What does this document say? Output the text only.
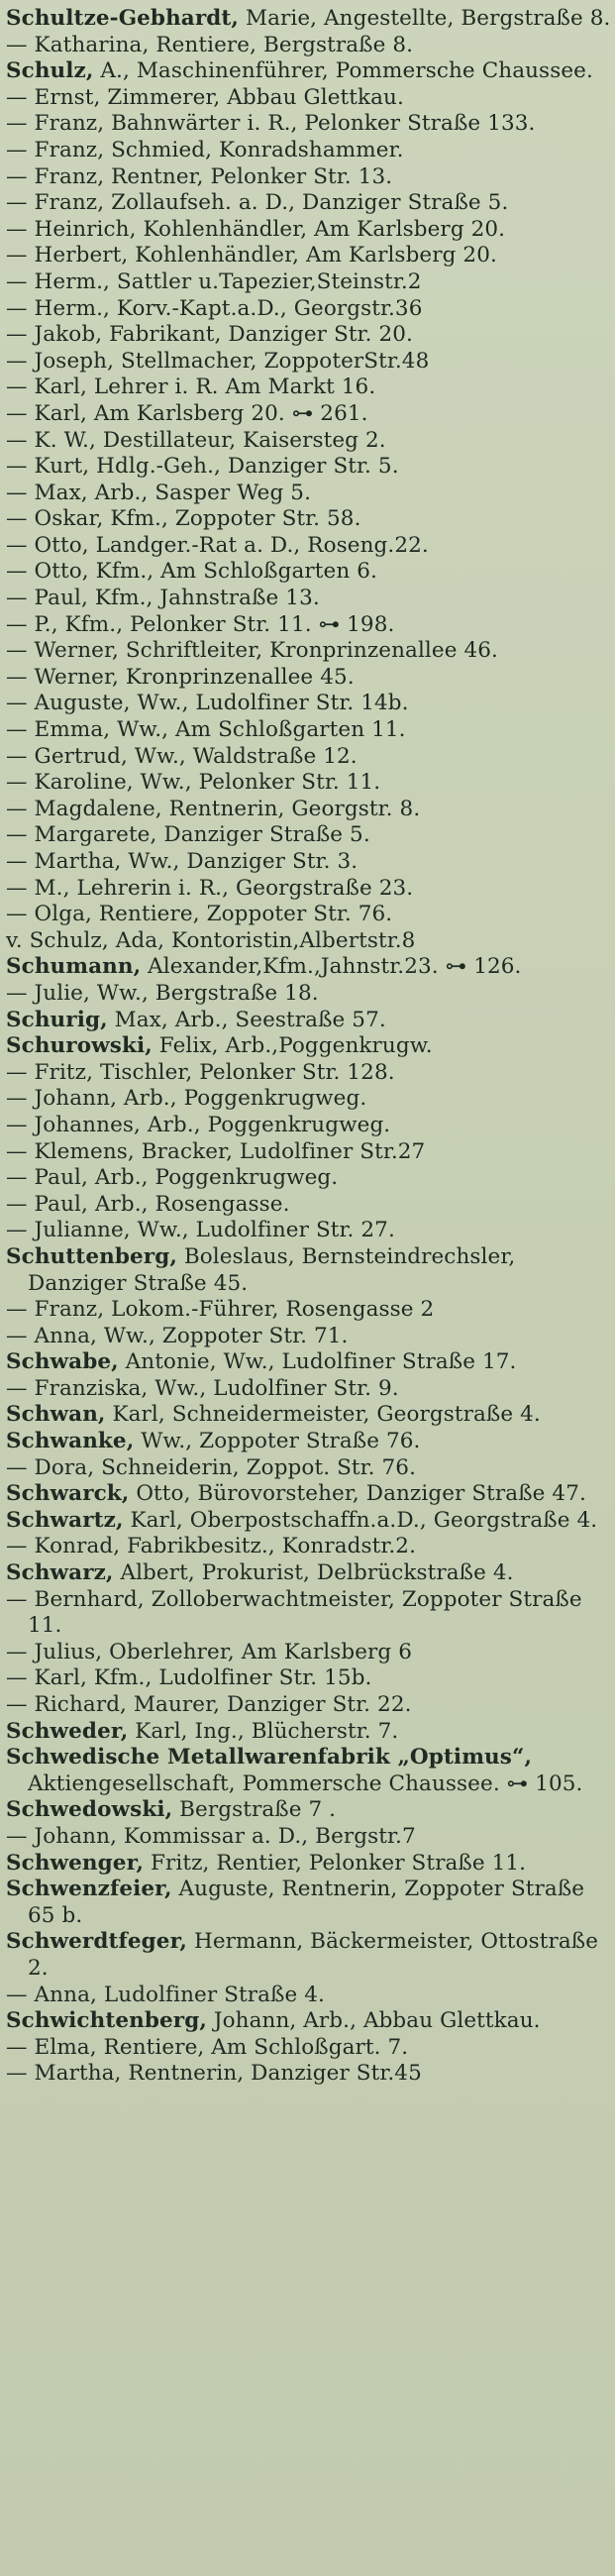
Schultze-Gebhardt, Marie, Angestellte, Bergstraße 8.
— Katharina, Rentiere, Bergstraße 8.
Schulz, A., Maschinenführer, Pommersche Chaussee.
— Ernst, Zimmerer, Abbau Glettkau.
— Franz, Bahnwärter i. R., Pelonker Straße 133.
— Franz, Schmied, Konradshammer.
— Franz, Rentner, Pelonker Str. 13.
— Franz, Zollaufseh. a. D., Danziger Straße 5.
— Heinrich, Kohlenhändler, Am Karlsberg 20.
— Herbert, Kohlenhändler, Am Karlsberg 20.
— Herm., Sattler u.Tapezier,Steinstr.2
— Herm., Korv.-Kapt.a.D., Georgstr.36
— Jakob, Fabrikant, Danziger Str. 20.
— Joseph, Stellmacher, ZoppoterStr.48
— Karl, Lehrer i. R. Am Markt 16.
— Karl, Am Karlsberg 20. ⊶ 261.
— K. W., Destillateur, Kaisersteg 2.
— Kurt, Hdlg.-Geh., Danziger Str. 5.
— Max, Arb., Sasper Weg 5.
— Oskar, Kfm., Zoppoter Str. 58.
— Otto, Landger.-Rat a. D., Roseng.22.
— Otto, Kfm., Am Schloßgarten 6.
— Paul, Kfm., Jahnstraße 13.
— P., Kfm., Pelonker Str. 11. ⊶ 198.
— Werner, Schriftleiter, Kronprinzenallee 46.
— Werner, Kronprinzenallee 45.
— Auguste, Ww., Ludolfiner Str. 14b.
— Emma, Ww., Am Schloßgarten 11.
— Gertrud, Ww., Waldstraße 12.
— Karoline, Ww., Pelonker Str. 11.
— Magdalene, Rentnerin, Georgstr. 8.
— Margarete, Danziger Straße 5.
— Martha, Ww., Danziger Str. 3.
— M., Lehrerin i. R., Georgstraße 23.
— Olga, Rentiere, Zoppoter Str. 76.
v. Schulz, Ada, Kontoristin,Albertstr.8
Schumann, Alexander,Kfm.,Jahnstr.23. ⊶ 126.
— Julie, Ww., Bergstraße 18.
Schurig, Max, Arb., Seestraße 57.
Schurowski, Felix, Arb.,Poggenkrugw.
— Fritz, Tischler, Pelonker Str. 128.
— Johann, Arb., Poggenkrugweg.
— Johannes, Arb., Poggenkrugweg.
— Klemens, Bracker, Ludolfiner Str.27
— Paul, Arb., Poggenkrugweg.
— Paul, Arb., Rosengasse.
— Julianne, Ww., Ludolfiner Str. 27.
Schuttenberg, Boleslaus, Bernsteindrechsler, Danziger Straße 45.
— Franz, Lokom.-Führer, Rosengasse 2
— Anna, Ww., Zoppoter Str. 71.
Schwabe, Antonie, Ww., Ludolfiner Straße 17.
— Franziska, Ww., Ludolfiner Str. 9.
Schwan, Karl, Schneidermeister, Georgstraße 4.
Schwanke, Ww., Zoppoter Straße 76.
— Dora, Schneiderin, Zoppot. Str. 76.
Schwarck, Otto, Bürovorsteher, Danziger Straße 47.
Schwartz, Karl, Oberpostschaffn.a.D., Georgstraße 4.
— Konrad, Fabrikbesitz., Konradstr.2.
Schwarz, Albert, Prokurist, Delbrückstraße 4.
— Bernhard, Zolloberwachtmeister, Zoppoter Straße 11.
— Julius, Oberlehrer, Am Karlsberg 6
— Karl, Kfm., Ludolfiner Str. 15b.
— Richard, Maurer, Danziger Str. 22.
Schweder, Karl, Ing., Blücherstr. 7.
Schwedische Metallwarenfabrik „Optimus“, Aktiengesellschaft, Pommersche Chaussee. ⊶ 105.
Schwedowski, Bergstraße 7 .
— Johann, Kommissar a. D., Bergstr.7
Schwenger, Fritz, Rentier, Pelonker Straße 11.
Schwenzfeier, Auguste, Rentnerin, Zoppoter Straße 65 b.
Schwerdtfeger, Hermann, Bäckermeister, Ottostraße 2.
— Anna, Ludolfiner Straße 4.
Schwichtenberg, Johann, Arb., Abbau Glettkau.
— Elma, Rentiere, Am Schloßgart. 7.
— Martha, Rentnerin, Danziger Str.45
